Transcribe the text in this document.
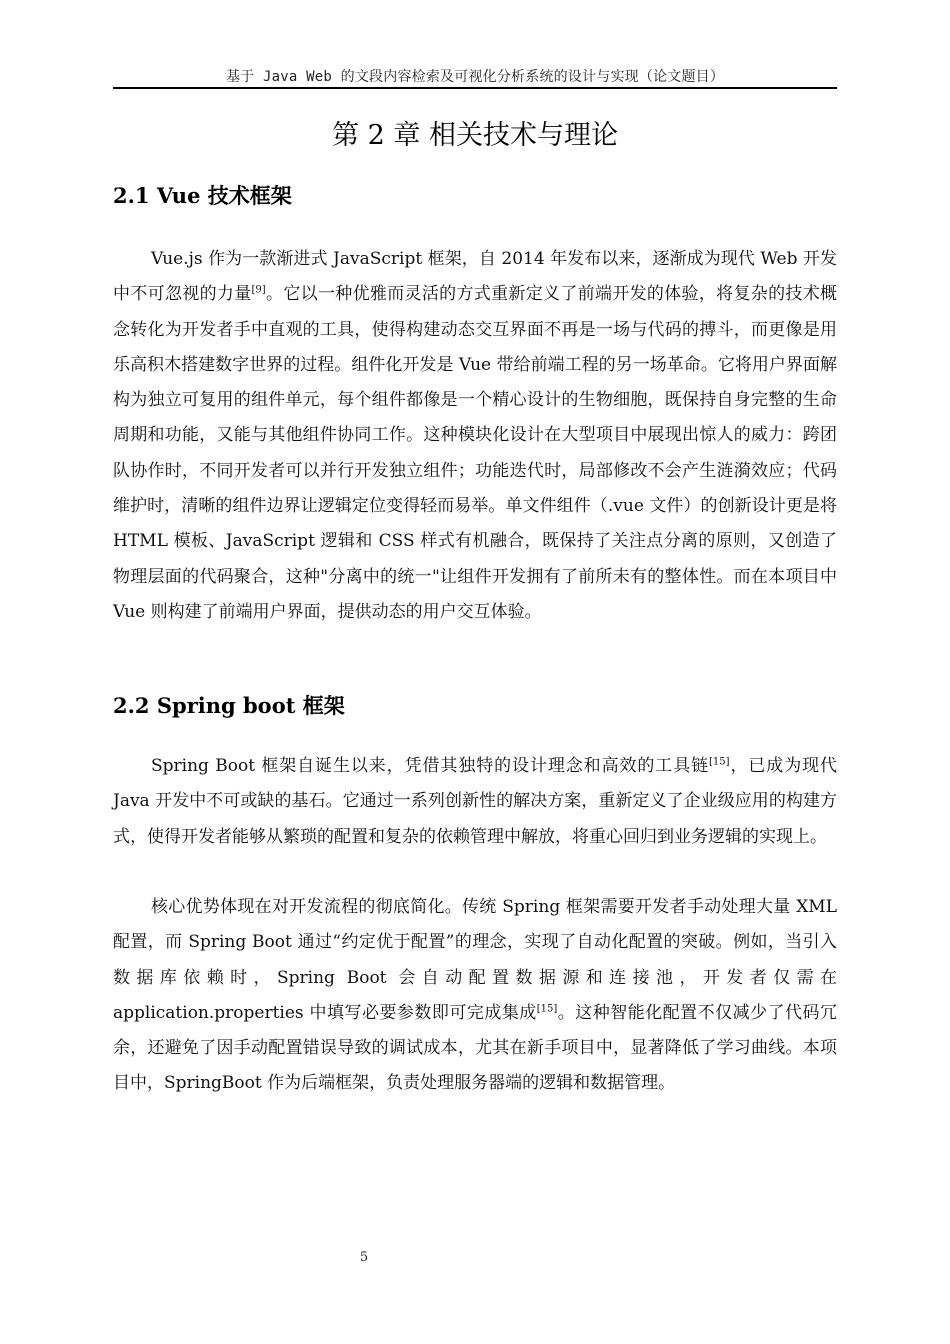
基于 Java Web 的文段内容检索及可视化分析系统的设计与实现（论文题目）
第 2 章 相关技术与理论
2.1 Vue 技术框架

Vue.js 作为一款渐进式 JavaScript 框架，自 2014 年发布以来，逐渐成为现代 Web 开发中不可忽视的力量[9]。它以一种优雅而灵活的方式重新定义了前端开发的体验，将复杂的技术概念转化为开发者手中直观的工具，使得构建动态交互界面不再是一场与代码的搏斗，而更像是用乐高积木搭建数字世界的过程。组件化开发是 Vue 带给前端工程的另一场革命。它将用户界面解构为独立可复用的组件单元，每个组件都像是一个精心设计的生物细胞，既保持自身完整的生命周期和功能，又能与其他组件协同工作。这种模块化设计在大型项目中展现出惊人的威力：跨团队协作时，不同开发者可以并行开发独立组件；功能迭代时，局部修改不会产生涟漪效应；代码维护时，清晰的组件边界让逻辑定位变得轻而易举。单文件组件（.vue 文件）的创新设计更是将 HTML 模板、JavaScript 逻辑和 CSS 样式有机融合，既保持了关注点分离的原则，又创造了物理层面的代码聚合，这种"分离中的统一"让组件开发拥有了前所未有的整体性。而在本项目中 Vue 则构建了前端用户界面，提供动态的用户交互体验。

2.2 Spring boot 框架

Spring Boot 框架自诞生以来，凭借其独特的设计理念和高效的工具链[15]，已成为现代 Java 开发中不可或缺的基石。它通过一系列创新性的解决方案，重新定义了企业级应用的构建方式，使得开发者能够从繁琐的配置和复杂的依赖管理中解放，将重心回归到业务逻辑的实现上。

核心优势体现在对开发流程的彻底简化。传统 Spring 框架需要开发者手动处理大量 XML 配置，而 Spring Boot 通过“约定优于配置”的理念，实现了自动化配置的突破。例如，当引入数据库依赖时，Spring Boot 会自动配置数据源和连接池，开发者仅需在 application.properties 中填写必要参数即可完成集成[15]。这种智能化配置不仅减少了代码冗余，还避免了因手动配置错误导致的调试成本，尤其在新手项目中，显著降低了学习曲线。本项目中，SpringBoot 作为后端框架，负责处理服务器端的逻辑和数据管理。

5
